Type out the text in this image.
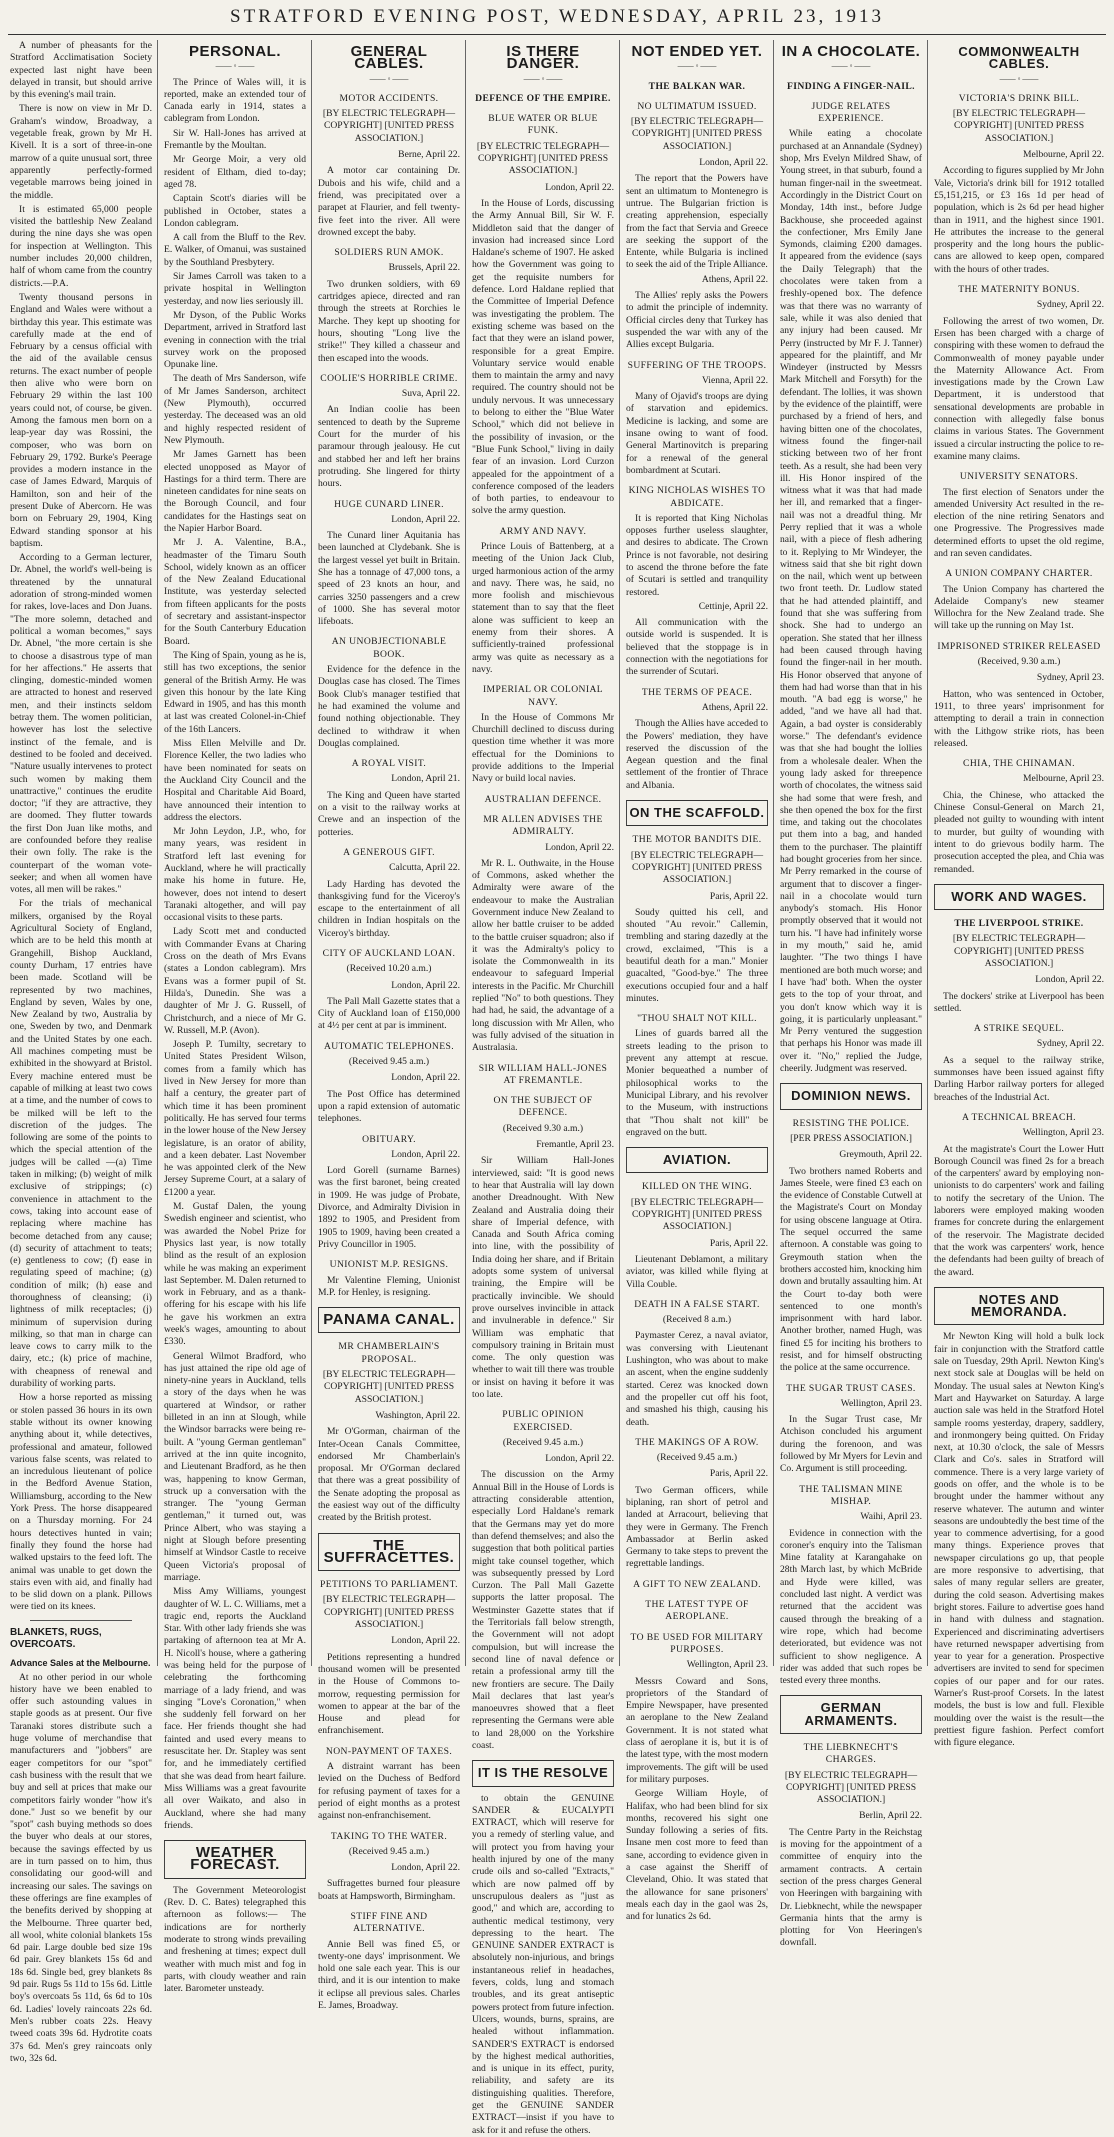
STRATFORD EVENING POST, WEDNESDAY, APRIL 23, 1913

A number of pheasants for the Stratford Acclimatisation Society expected last night have been delayed in transit, but should arrive by this evening's mail train.

There is now on view in Mr D. Graham's window, Broadway, a vegetable freak, grown by Mr H. Kivell. It is a sort of three-in-one marrow of a quite unusual sort, three apparently perfectly-formed vegetable marrows being joined in the middle.

It is estimated 65,000 people visited the battleship New Zealand during the nine days she was open for inspection at Wellington. This number includes 20,000 children, half of whom came from the country districts.—P.A.

Twenty thousand persons in England and Wales were without a birthday this year. This estimate was carefully made at the end of February by a census official with the aid of the available census returns. The exact number of people then alive who were born on February 29 within the last 100 years could not, of course, be given. Among the famous men born on a leap-year day was Rossini, the composer, who was born on February 29, 1792. Burke's Peerage provides a modern instance in the case of James Edward, Marquis of Hamilton, son and heir of the present Duke of Abercorn. He was born on February 29, 1904, King Edward standing sponsor at his baptism.

According to a German lecturer, Dr. Abnel, the world's well-being is threatened by the unnatural adoration of strong-minded women for rakes, love-laces and Don Juans. "The more solemn, detached and political a woman becomes," says Dr. Abnel, "the more certain is she to choose a disastrous type of man for her affections." He asserts that clinging, domestic-minded women are attracted to honest and reserved men, and their instincts seldom betray them. The women politician, however has lost the selective instinct of the female, and is destined to be fooled and deceived. "Nature usually intervenes to protect such women by making them unattractive," continues the erudite doctor; "if they are attractive, they are doomed. They flutter towards the first Don Juan like moths, and are confounded before they realise their own folly. The rake is the counterpart of the woman vote-seeker; and when all women have votes, all men will be rakes."

For the trials of mechanical milkers, organised by the Royal Agricultural Society of England, which are to be held this month at Grangehill, Bishop Auckland, county Durham, 17 entries have been made. Scotland will be represented by two machines, England by seven, Wales by one, New Zealand by two, Australia by one, Sweden by two, and Denmark and the United States by one each. All machines competing must be exhibited in the showyard at Bristol. Every machine entered must be capable of milking at least two cows at a time, and the number of cows to be milked will be left to the discretion of the judges. The following are some of the points to which the special attention of the judges will be called —(a) Time taken in milking; (b) weight of milk exclusive of strippings; (c) convenience in attachment to the cows, taking into account ease of replacing where machine has become detached from any cause; (d) security of attachment to teats; (e) gentleness to cow; (f) ease in regulating speed of machine; (g) condition of milk; (h) ease and thoroughness of cleansing; (i) lightness of milk receptacles; (j) minimum of supervision during milking, so that man in charge can leave cows to carry milk to the dairy, etc.; (k) price of machine, with cheapness of renewal and durability of working parts.

How a horse reported as missing or stolen passed 36 hours in its own stable without its owner knowing anything about it, while detectives, professional and amateur, followed various false scents, was related to an incredulous lieutenant of police in the Bedford Avenue Station, Williamsburg, according to the New York Press. The horse disappeared on a Thursday morning. For 24 hours detectives hunted in vain; finally they found the horse had walked upstairs to the feed loft. The animal was unable to get down the stairs even with aid, and finally had to be slid down on a plank. Pillows were tied on its knees.

BLANKETS, RUGS, OVERCOATS.
Advance Sales at the Melbourne.

At no other period in our whole history have we been enabled to offer such astounding values in staple goods as at present. Our five Taranaki stores distribute such a huge volume of merchandise that manufacturers and "jobbers" are eager competitors for our "spot" cash business with the result that we buy and sell at prices that make our competitors fairly wonder "how it's done." Just so we benefit by our "spot" cash buying methods so does the buyer who deals at our stores, because the savings effected by us are in turn passed on to him, thus consolidating our good-will and increasing our sales. The savings on these offerings are fine examples of the benefits derived by shopping at the Melbourne. Three quarter bed, all wool, white colonial blankets 15s 6d pair. Large double bed size 19s 6d pair. Grey blankets 15s 6d and 18s 6d. Single bed, grey blankets 8s 9d pair. Rugs 5s 11d to 15s 6d. Little boy's overcoats 5s 11d, 6s 6d to 10s 6d. Ladies' lovely raincoats 22s 6d. Men's rubber coats 22s. Heavy tweed coats 39s 6d. Hydrotite coats 37s 6d. Men's grey raincoats only two, 32s 6d.

PERSONAL.
—— ◦ ——

The Prince of Wales will, it is reported, make an extended tour of Canada early in 1914, states a cablegram from London.

Sir W. Hall-Jones has arrived at Fremantle by the Moultan.

Mr George Moir, a very old resident of Eltham, died to-day; aged 78.

Captain Scott's diaries will be published in October, states a London cablegram.

A call from the Bluff to the Rev. E. Walker, of Omanui, was sustained by the Southland Presbytery.

Sir James Carroll was taken to a private hospital in Wellington yesterday, and now lies seriously ill.

Mr Dyson, of the Public Works Department, arrived in Stratford last evening in connection with the trial survey work on the proposed Opunake line.

The death of Mrs Sanderson, wife of Mr James Sanderson, architect (New Plymouth), occurred yesterday. The deceased was an old and highly respected resident of New Plymouth.

Mr James Garnett has been elected unopposed as Mayor of Hastings for a third term. There are nineteen candidates for nine seats on the Borough Council, and four candidates for the Hastings seat on the Napier Harbor Board.

Mr J. A. Valentine, B.A., headmaster of the Timaru South School, widely known as an officer of the New Zealand Educational Institute, was yesterday selected from fifteen applicants for the posts of secretary and assistant-inspector for the South Canterbury Education Board.

The King of Spain, young as he is, still has two exceptions, the senior general of the British Army. He was given this honour by the late King Edward in 1905, and has this month at last was created Colonel-in-Chief of the 16th Lancers.

Miss Ellen Melville and Dr. Florence Keller, the two ladies who have been nominated for seats on the Auckland City Council and the Hospital and Charitable Aid Board, have announced their intention to address the electors.

Mr John Leydon, J.P., who, for many years, was resident in Stratford left last evening for Auckland, where he will practically make his home in future. He, however, does not intend to desert Taranaki altogether, and will pay occasional visits to these parts.

Lady Scott met and conducted with Commander Evans at Charing Cross on the death of Mrs Evans (states a London cablegram). Mrs Evans was a former pupil of St. Hilda's, Dunedin. She was a daughter of Mr J. G. Russell, of Christchurch, and a niece of Mr G. W. Russell, M.P. (Avon).

Joseph P. Tumilty, secretary to United States President Wilson, comes from a family which has lived in New Jersey for more than half a century, the greater part of which time it has been prominent politically. He has served four terms in the lower house of the New Jersey legislature, is an orator of ability, and a keen debater. Last November he was appointed clerk of the New Jersey Supreme Court, at a salary of £1200 a year.

M. Gustaf Dalen, the young Swedish engineer and scientist, who was awarded the Nobel Prize for Physics last year, is now totally blind as the result of an explosion while he was making an experiment last September. M. Dalen returned to work in February, and as a thank-offering for his escape with his life he gave his workmen an extra week's wages, amounting to about £330.

General Wilmot Bradford, who has just attained the ripe old age of ninety-nine years in Auckland, tells a story of the days when he was quartered at Windsor, or rather billeted in an inn at Slough, while the Windsor barracks were being re-built. A "young German gentleman" arrived at the inn quite incognito, and Lieutenant Bradford, as he then was, happening to know German, struck up a conversation with the stranger. The "young German gentleman," it turned out, was Prince Albert, who was staying a night at Slough before presenting himself at Windsor Castle to receive Queen Victoria's proposal of marriage.

Miss Amy Williams, youngest daughter of W. L. C. Williams, met a tragic end, reports the Auckland Star. With other lady friends she was partaking of afternoon tea at Mr A. H. Nicoll's house, where a gathering was being held for the purpose of celebrating the forthcoming marriage of a lady friend, and was singing "Love's Coronation," when she suddenly fell forward on her face. Her friends thought she had fainted and used every means to resuscitate her. Dr. Stapley was sent for, and he immediately certified that she was dead from heart failure. Miss Williams was a great favourite all over Waikato, and also in Auckland, where she had many friends.

WEATHER FORECAST.

The Government Meteorologist (Rev. D. C. Bates) telegraphed this afternoon as follows:— The indications are for northerly moderate to strong winds prevailing and freshening at times; expect dull weather with much mist and fog in parts, with cloudy weather and rain later. Barometer unsteady.

GENERAL CABLES.
—— ◦ ——
MOTOR ACCIDENTS.
[BY ELECTRIC TELEGRAPH—COPYRIGHT] [UNITED PRESS ASSOCIATION.]
Berne, April 22.

A motor car containing Dr. Dubois and his wife, child and a friend, was precipitated over a parapet at Flaurier, and fell twenty-five feet into the river. All were drowned except the baby.

SOLDIERS RUN AMOK.
Brussels, April 22.

Two drunken soldiers, with 69 cartridges apiece, directed and ran through the streets at Rorchies le Marche. They kept up shooting for hours, shouting "Long live the strike!" They killed a chasseur and then escaped into the woods.

COOLIE'S HORRIBLE CRIME.
Suva, April 22.

An Indian coolie has been sentenced to death by the Supreme Court for the murder of his paramour through jealousy. He cut and stabbed her and left her brains protruding. She lingered for thirty hours.

HUGE CUNARD LINER.
London, April 22.

The Cunard liner Aquitania has been launched at Clydebank. She is the largest vessel yet built in Britain. She has a tonnage of 47,000 tons, a speed of 23 knots an hour, and carries 3250 passengers and a crew of 1000. She has several motor lifeboats.

AN UNOBJECTIONABLE BOOK.

Evidence for the defence in the Douglas case has closed. The Times Book Club's manager testified that he had examined the volume and found nothing objectionable. They declined to withdraw it when Douglas complained.

A ROYAL VISIT.
London, April 21.

The King and Queen have started on a visit to the railway works at Crewe and an inspection of the potteries.

A GENEROUS GIFT.
Calcutta, April 22.

Lady Harding has devoted the thanksgiving fund for the Viceroy's escape to the entertainment of all children in Indian hospitals on the Viceroy's birthday.

CITY OF AUCKLAND LOAN.
(Received 10.20 a.m.)
London, April 22.

The Pall Mall Gazette states that a City of Auckland loan of £150,000 at 4½ per cent at par is imminent.

AUTOMATIC TELEPHONES.
(Received 9.45 a.m.)
London, April 22.

The Post Office has determined upon a rapid extension of automatic telephones.

OBITUARY.
London, April 22.

Lord Gorell (surname Barnes) was the first baronet, being created in 1909. He was judge of Probate, Divorce, and Admiralty Division in 1892 to 1905, and President from 1905 to 1909, having been created a Privy Councillor in 1905.

UNIONIST M.P. RESIGNS.

Mr Valentine Fleming, Unionist M.P. for Henley, is resigning.

PANAMA CANAL.
MR CHAMBERLAIN'S PROPOSAL.
[BY ELECTRIC TELEGRAPH—COPYRIGHT] [UNITED PRESS ASSOCIATION.]
Washington, April 22.

Mr O'Gorman, chairman of the Inter-Ocean Canals Committee, endorsed Mr Chamberlain's proposal. Mr O'Gorman declared that there was a great possibility of the Senate adopting the proposal as the easiest way out of the difficulty created by the British protest.

THE SUFFRACETTES.
PETITIONS TO PARLIAMENT.
[BY ELECTRIC TELEGRAPH—COPYRIGHT] [UNITED PRESS ASSOCIATION.]
London, April 22.

Petitions representing a hundred thousand women will be presented in the House of Commons to-morrow, requesting permission for women to appear at the bar of the House and plead for enfranchisement.

NON-PAYMENT OF TAXES.

A distraint warrant has been levied on the Duchess of Bedford for refusing payment of taxes for a period of eight months as a protest against non-enfranchisement.

TAKING TO THE WATER.
(Received 9.45 a.m.)
London, April 22.

Suffragettes burned four pleasure boats at Hampsworth, Birmingham.

STIFF FINE AND ALTERNATIVE.

Annie Bell was fined £5, or twenty-one days' imprisonment. We hold one sale each year. This is our third, and it is our intention to make it eclipse all previous sales. Charles E. James, Broadway.

IS THERE DANGER.
—— ◦ ——
DEFENCE OF THE EMPIRE.
BLUE WATER OR BLUE FUNK.
[BY ELECTRIC TELEGRAPH—COPYRIGHT] [UNITED PRESS ASSOCIATION.]
London, April 22.

In the House of Lords, discussing the Army Annual Bill, Sir W. F. Middleton said that the danger of invasion had increased since Lord Haldane's scheme of 1907. He asked how the Government was going to get the requisite numbers for defence. Lord Haldane replied that the Committee of Imperial Defence was investigating the problem. The existing scheme was based on the fact that they were an island power, responsible for a great Empire. Voluntary service would enable them to maintain the army and navy required. The country should not be unduly nervous. It was unnecessary to belong to either the "Blue Water School," which did not believe in the possibility of invasion, or the "Blue Funk School," living in daily fear of an invasion. Lord Curzon appealed for the appointment of a conference composed of the leaders of both parties, to endeavour to solve the army question.

ARMY AND NAVY.

Prince Louis of Battenberg, at a meeting of the Union Jack Club, urged harmonious action of the army and navy. There was, he said, no more foolish and mischievous statement than to say that the fleet alone was sufficient to keep an enemy from their shores. A sufficiently-trained professional army was quite as necessary as a navy.

IMPERIAL OR COLONIAL NAVY.

In the House of Commons Mr Churchill declined to discuss during question time whether it was more effectual for the Dominions to provide additions to the Imperial Navy or build local navies.

AUSTRALIAN DEFENCE.
MR ALLEN ADVISES THE ADMIRALTY.
London, April 22.

Mr R. L. Outhwaite, in the House of Commons, asked whether the Admiralty were aware of the endeavour to make the Australian Government induce New Zealand to allow her battle cruiser to be added to the battle cruiser squadron; also if it was the Admiralty's policy to isolate the Commonwealth in its endeavour to safeguard Imperial interests in the Pacific. Mr Churchill replied "No" to both questions. They had had, he said, the advantage of a long discussion with Mr Allen, who was fully advised of the situation in Australasia.

SIR WILLIAM HALL-JONES AT FREMANTLE.
ON THE SUBJECT OF DEFENCE.
(Received 9.30 a.m.)
Fremantle, April 23.

Sir William Hall-Jones interviewed, said: "It is good news to hear that Australia will lay down another Dreadnought. With New Zealand and Australia doing their share of Imperial defence, with Canada and South Africa coming into line, with the possibility of India doing her share, and if Britain adopts some system of universal training, the Empire will be practically invincible. We should prove ourselves invincible in attack and invulnerable in defence." Sir William was emphatic that compulsory training in Britain must come. The only question was whether to wait till there was trouble or insist on having it before it was too late.

PUBLIC OPINION EXERCISED.
(Received 9.45 a.m.)
London, April 22.

The discussion on the Army Annual Bill in the House of Lords is attracting considerable attention, especially Lord Haldane's remark that the Germans may yet do more than defend themselves; and also the suggestion that both political parties might take counsel together, which was subsequently pressed by Lord Curzon. The Pall Mall Gazette supports the latter proposal. The Westminster Gazette states that if the Territorials fall below strength, the Government will not adopt compulsion, but will increase the second line of naval defence or retain a professional army till the new frontiers are secure. The Daily Mail declares that last year's manoeuvres showed that a fleet representing the Germans were able to land 28,000 on the Yorkshire coast.

IT IS THE RESOLVE

to obtain the GENUINE SANDER & EUCALYPTI EXTRACT, which will reserve for you a remedy of sterling value, and will protect you from having your health injured by one of the many crude oils and so-called "Extracts," which are now palmed off by unscrupulous dealers as "just as good," and which are, according to authentic medical testimony, very depressing to the heart. The GENUINE SANDER EXTRACT is absolutely non-injurious, and brings instantaneous relief in headaches, fevers, colds, lung and stomach troubles, and its great antiseptic powers protect from future infection. Ulcers, wounds, burns, sprains, are healed without inflammation. SANDER'S EXTRACT is endorsed by the highest medical authorities, and is unique in its effect, purity, reliability, and safety are its distinguishing qualities. Therefore, get the GENUINE SANDER EXTRACT—insist if you have to ask for it and refuse the others.

NOT ENDED YET.
—— ◦ ——
THE BALKAN WAR.
NO ULTIMATUM ISSUED.
[BY ELECTRIC TELEGRAPH—COPYRIGHT] [UNITED PRESS ASSOCIATION.]
London, April 22.

The report that the Powers have sent an ultimatum to Montenegro is untrue. The Bulgarian friction is creating apprehension, especially from the fact that Servia and Greece are seeking the support of the Entente, while Bulgaria is inclined to seek the aid of the Triple Alliance.

Athens, April 22.

The Allies' reply asks the Powers to admit the principle of indemnity. Official circles deny that Turkey has suspended the war with any of the Allies except Bulgaria.

SUFFERING OF THE TROOPS.
Vienna, April 22.

Many of Ojavid's troops are dying of starvation and epidemics. Medicine is lacking, and some are insane owing to want of food. General Martinovitch is preparing for a renewal of the general bombardment at Scutari.

KING NICHOLAS WISHES TO ABDICATE.

It is reported that King Nicholas opposes further useless slaughter, and desires to abdicate. The Crown Prince is not favorable, not desiring to ascend the throne before the fate of Scutari is settled and tranquility restored.

Cettinje, April 22.

All communication with the outside world is suspended. It is believed that the stoppage is in connection with the negotiations for the surrender of Scutari.

THE TERMS OF PEACE.
Athens, April 22.

Though the Allies have acceded to the Powers' mediation, they have reserved the discussion of the Aegean question and the final settlement of the frontier of Thrace and Albania.

ON THE SCAFFOLD.
THE MOTOR BANDITS DIE.
[BY ELECTRIC TELEGRAPH—COPYRIGHT] [UNITED PRESS ASSOCIATION.]
Paris, April 22.

Soudy quitted his cell, and shouted "Au revoir." Callemin, trembling and staring dazedly at the crowd, exclaimed, "This is a beautiful death for a man." Monier guacalted, "Good-bye." The three executions occupied four and a half minutes.

"THOU SHALT NOT KILL.

Lines of guards barred all the streets leading to the prison to prevent any attempt at rescue. Monier bequeathed a number of philosophical works to the Municipal Library, and his revolver to the Museum, with instructions that "Thou shalt not kill" be engraved on the butt.

AVIATION.
KILLED ON THE WING.
[BY ELECTRIC TELEGRAPH—COPYRIGHT] [UNITED PRESS ASSOCIATION.]
Paris, April 22.

Lieutenant Deblamont, a military aviator, was killed while flying at Villa Couble.

DEATH IN A FALSE START.
(Received 8 a.m.)

Paymaster Cerez, a naval aviator, was conversing with Lieutenant Lushington, who was about to make an ascent, when the engine suddenly started. Cerez was knocked down and the propeller cut off his foot, and smashed his thigh, causing his death.

THE MAKINGS OF A ROW.
(Received 9.45 a.m.)
Paris, April 22.

Two German officers, while biplaning, ran short of petrol and landed at Arracourt, believing that they were in Germany. The French Ambassador at Berlin asked Germany to take steps to prevent the regrettable landings.

A GIFT TO NEW ZEALAND.
THE LATEST TYPE OF AEROPLANE.
TO BE USED FOR MILITARY PURPOSES.
Wellington, April 23.

Messrs Coward and Sons, proprietors of the Standard of Empire Newspaper, have presented an aeroplane to the New Zealand Government. It is not stated what class of aeroplane it is, but it is of the latest type, with the most modern improvements. The gift will be used for military purposes.

George William Hoyle, of Halifax, who had been blind for six months, recovered his sight one Sunday following a series of fits. Insane men cost more to feed than sane, according to evidence given in a case against the Sheriff of Cleveland, Ohio. It was stated that the allowance for sane prisoners' meals each day in the gaol was 2s, and for lunatics 2s 6d.

IN A CHOCOLATE.
—— ◦ ——
FINDING A FINGER-NAIL.
JUDGE RELATES EXPERIENCE.

While eating a chocolate purchased at an Annandale (Sydney) shop, Mrs Evelyn Mildred Shaw, of Young street, in that suburb, found a human finger-nail in the sweetmeat. Accordingly in the District Court on Monday, 14th inst., before Judge Backhouse, she proceeded against the confectioner, Mrs Emily Jane Symonds, claiming £200 damages. It appeared from the evidence (says the Daily Telegraph) that the chocolates were taken from a freshly-opened box. The defence was that there was no warranty of sale, while it was also denied that any injury had been caused. Mr Perry (instructed by Mr F. J. Tanner) appeared for the plaintiff, and Mr Windeyer (instructed by Messrs Mark Mitchell and Forsyth) for the defendant. The lollies, it was shown by the evidence of the plaintiff, were purchased by a friend of hers, and having bitten one of the chocolates, witness found the finger-nail sticking between two of her front teeth. As a result, she had been very ill. His Honor inspired of the witness what it was that had made her ill, and remarked that a finger-nail was not a dreadful thing. Mr Perry replied that it was a whole nail, with a piece of flesh adhering to it. Replying to Mr Windeyer, the witness said that she bit right down on the nail, which went up between two front teeth. Dr. Ludlow stated that he had attended plaintiff, and found that she was suffering from shock. She had to undergo an operation. She stated that her illness had been caused through having found the finger-nail in her mouth. His Honor observed that anyone of them had had worse than that in his mouth. "A bad egg is worse," he added, "and we have all had that. Again, a bad oyster is considerably worse." The defendant's evidence was that she had bought the lollies from a wholesale dealer. When the young lady asked for threepence worth of chocolates, the witness said she had some that were fresh, and she then opened the box for the first time, and taking out the chocolates put them into a bag, and handed them to the purchaser. The plaintiff had bought groceries from her since. Mr Perry remarked in the course of argument that to discover a finger-nail in a chocolate would turn anybody's stomach. His Honor promptly observed that it would not turn his. "I have had infinitely worse in my mouth," said he, amid laughter. "The two things I have mentioned are both much worse; and I have 'had' both. When the oyster gets to the top of your throat, and you don't know which way it is going, it is particularly unpleasant." Mr Perry ventured the suggestion that perhaps his Honor was made ill over it. "No," replied the Judge, cheerily. Judgment was reserved.

DOMINION NEWS.
RESISTING THE POLICE.
[PER PRESS ASSOCIATION.]
Greymouth, April 22.

Two brothers named Roberts and James Steele, were fined £3 each on the evidence of Constable Cutwell at the Magistrate's Court on Monday for using obscene language at Otira. The sequel occurred the same afternoon. A constable was going to Greymouth station when the brothers accosted him, knocking him down and brutally assaulting him. At the Court to-day both were sentenced to one month's imprisonment with hard labor. Another brother, named Hugh, was fined £5 for inciting his brothers to resist, and for himself obstructing the police at the same occurrence.

THE SUGAR TRUST CASES.
Wellington, April 23.

In the Sugar Trust case, Mr Atchison concluded his argument during the forenoon, and was followed by Mr Myers for Levin and Co. Argument is still proceeding.

THE TALISMAN MINE MISHAP.
Waihi, April 23.

Evidence in connection with the coroner's enquiry into the Talisman Mine fatality at Karangahake on 28th March last, by which McBride and Hyde were killed, was concluded last night. A verdict was returned that the accident was caused through the breaking of a wire rope, which had become deteriorated, but evidence was not sufficient to show negligence. A rider was added that such ropes be tested every three months.

GERMAN ARMAMENTS.
THE LIEBKNECHT'S CHARGES.
[BY ELECTRIC TELEGRAPH—COPYRIGHT] [UNITED PRESS ASSOCIATION.]
Berlin, April 22.

The Centre Party in the Reichstag is moving for the appointment of a committee of enquiry into the armament contracts. A certain section of the press charges General von Heeringen with bargaining with Dr. Liebknecht, while the newspaper Germania hints that the army is plotting for Von Heeringen's downfall.

COMMONWEALTH CABLES.
—— ◦ ——
VICTORIA'S DRINK BILL.
[BY ELECTRIC TELEGRAPH—COPYRIGHT] [UNITED PRESS ASSOCIATION.]
Melbourne, April 22.

According to figures supplied by Mr John Vale, Victoria's drink bill for 1912 totalled £5,151,215, or £3 16s 1d per head of population, which is 2s 6d per head higher than in 1911, and the highest since 1901. He attributes the increase to the general prosperity and the long hours the public-cans are allowed to keep open, compared with the hours of other trades.

THE MATERNITY BONUS.
Sydney, April 22.

Following the arrest of two women, Dr. Ersen has been charged with a charge of conspiring with these women to defraud the Commonwealth of money payable under the Maternity Allowance Act. From investigations made by the Crown Law Department, it is understood that sensational developments are probable in connection with allegedly false bonus claims in various States. The Government issued a circular instructing the police to re-examine many claims.

UNIVERSITY SENATORS.

The first election of Senators under the amended University Act resulted in the re-election of the nine retiring Senators and one Progressive. The Progressives made determined efforts to upset the old regime, and ran seven candidates.

A UNION COMPANY CHARTER.

The Union Company has chartered the Adelaide Company's new steamer Willochra for the New Zealand trade. She will take up the running on May 1st.

IMPRISONED STRIKER RELEASED
(Received, 9.30 a.m.)
Sydney, April 23.

Hatton, who was sentenced in October, 1911, to three years' imprisonment for attempting to derail a train in connection with the Lithgow strike riots, has been released.

CHIA, THE CHINAMAN.
Melbourne, April 23.

Chia, the Chinese, who attacked the Chinese Consul-General on March 21, pleaded not guilty to wounding with intent to murder, but guilty of wounding with intent to do grievous bodily harm. The prosecution accepted the plea, and Chia was remanded.

WORK AND WAGES.
THE LIVERPOOL STRIKE.
[BY ELECTRIC TELEGRAPH—COPYRIGHT] [UNITED PRESS ASSOCIATION.]
London, April 22.

The dockers' strike at Liverpool has been settled.

A STRIKE SEQUEL.
Sydney, April 22.

As a sequel to the railway strike, summonses have been issued against fifty Darling Harbor railway porters for alleged breaches of the Industrial Act.

A TECHNICAL BREACH.
Wellington, April 23.

At the magistrate's Court the Lower Hutt Borough Council was fined 2s for a breach of the carpenters' award by employing non-unionists to do carpenters' work and failing to notify the secretary of the Union. The laborers were employed making wooden frames for concrete during the enlargement of the reservoir. The Magistrate decided that the work was carpenters' work, hence the defendants had been guilty of breach of the award.

NOTES AND MEMORANDA.

Mr Newton King will hold a bulk lock fair in conjunction with the Stratford cattle sale on Tuesday, 29th April. Newton King's next stock sale at Douglas will be held on Monday. The usual sales at Newton King's Mart and Haywarket on Saturday. A large auction sale was held in the Stratford Hotel sample rooms yesterday, drapery, saddlery, and ironmongery being quitted. On Friday next, at 10.30 o'clock, the sale of Messrs Clark and Co's. sales in Stratford will commence. There is a very large variety of goods on offer, and the whole is to be brought under the hammer without any reserve whatever. The autumn and winter seasons are undoubtedly the best time of the year to commence advertising, for a good many things. Experience proves that newspaper circulations go up, that people are more responsive to advertising, that sales of many regular sellers are greater, during the cold season. Advertising makes bright stores. Failure to advertise goes hand in hand with dulness and stagnation. Experienced and discriminating advertisers have returned newspaper advertising from year to year for a generation. Prospective advertisers are invited to send for specimen copies of our paper and for our rates. Warner's Rust-proof Corsets. In the latest models, the bust is low and full. Flexible moulding over the waist is the result—the prettiest figure fashion. Perfect comfort with figure elegance.
